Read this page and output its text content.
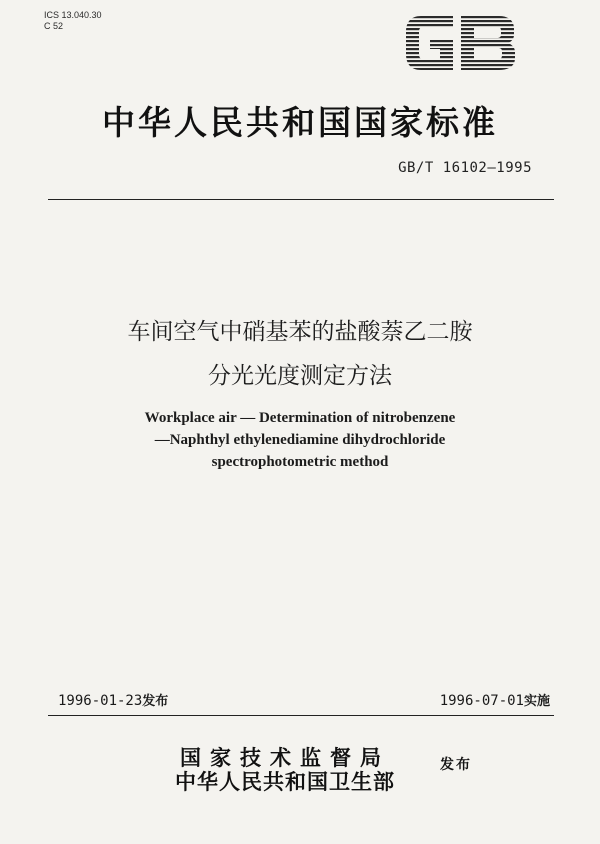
ICS 13.040.30
C 52
中华人民共和国国家标准
GB/T 16102—1995
车间空气中硝基苯的盐酸萘乙二胺
分光光度测定方法
Workplace air — Determination of nitrobenzene
—Naphthyl ethylenediamine dihydrochloride
spectrophotometric method
1996-01-23发布	1996-07-01实施
国家技术监督局
中华人民共和国卫生部
发布
